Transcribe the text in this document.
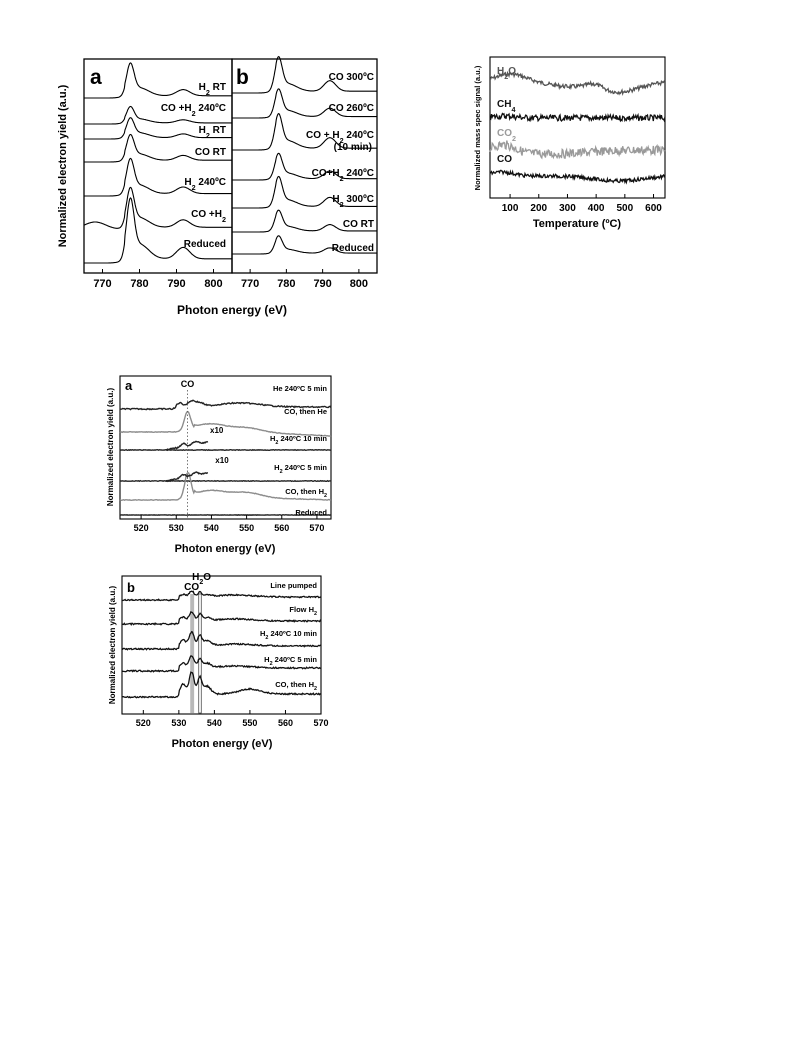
a
Normalized electron yield (a.u.)	$H_2$ RT
CO $+H_2$ 240ºC
$H_2$ RT
CO RT
$H_2$ 240ºC
CO $+H_2$
Reduced
770 780 790 800
b	CO 300ºC
CO 260ºC
CO + $H_2$ 240ºC
(10 min)
$CO+H_2$ 240ºC
$H_2$ 300ºC
CO RT
Reduced
770 780 790 800
Photon energy (eV)
Normalized mass spec signal (a.u.)
Temperature (ºC)
$H_2O$
$CH_4$
$CO_2$
CO
100 200 300 400 500 600
a
Normalized electron yield (a.u.)
Photon energy (eV)
He 240ºC 5 min
CO, then He
$H_2$ 240ºC 10 min
$H_2$ 240ºC 5 min
CO, then $H_2$
Reduced
520 530 540 550 560 570
CO
x10
x10
b
Normalized electron yield (a.u.)
Photon energy (eV)
CO
$H_2O$
Line pumped
Flow $H_2$
$H_2$ 240ºC 10 min
$H_2$ 240ºC 5 min
CO, then $H_2$
520 530 540 550 560 570
